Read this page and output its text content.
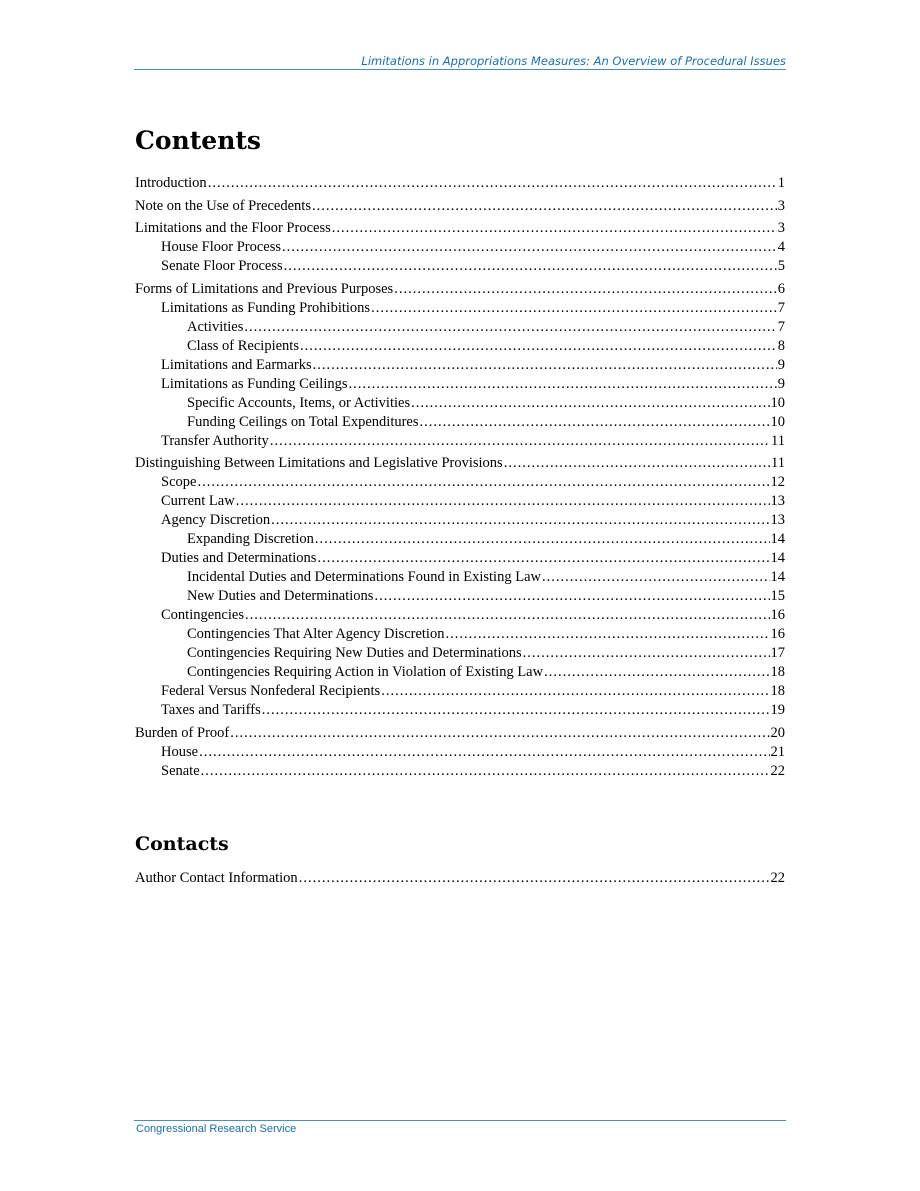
Limitations in Appropriations Measures: An Overview of Procedural Issues
Contents
Introduction .....	1
Note on the Use of Precedents .....	3
Limitations and the Floor Process .....	3
House Floor Process .....	4
Senate Floor Process .....	5
Forms of Limitations and Previous Purposes .....	6
Limitations as Funding Prohibitions .....	7
Activities .....	7
Class of Recipients .....	8
Limitations and Earmarks .....	9
Limitations as Funding Ceilings .....	9
Specific Accounts, Items, or Activities .....	10
Funding Ceilings on Total Expenditures .....	10
Transfer Authority .....	11
Distinguishing Between Limitations and Legislative Provisions .....	11
Scope .....	12
Current Law .....	13
Agency Discretion .....	13
Expanding Discretion .....	14
Duties and Determinations .....	14
Incidental Duties and Determinations Found in Existing Law .....	14
New Duties and Determinations .....	15
Contingencies .....	16
Contingencies That Alter Agency Discretion .....	16
Contingencies Requiring New Duties and Determinations .....	17
Contingencies Requiring Action in Violation of Existing Law .....	18
Federal Versus Nonfederal Recipients .....	18
Taxes and Tariffs .....	19
Burden of Proof .....	20
House .....	21
Senate .....	22
Contacts
Author Contact Information .....	22
Congressional Research Service
